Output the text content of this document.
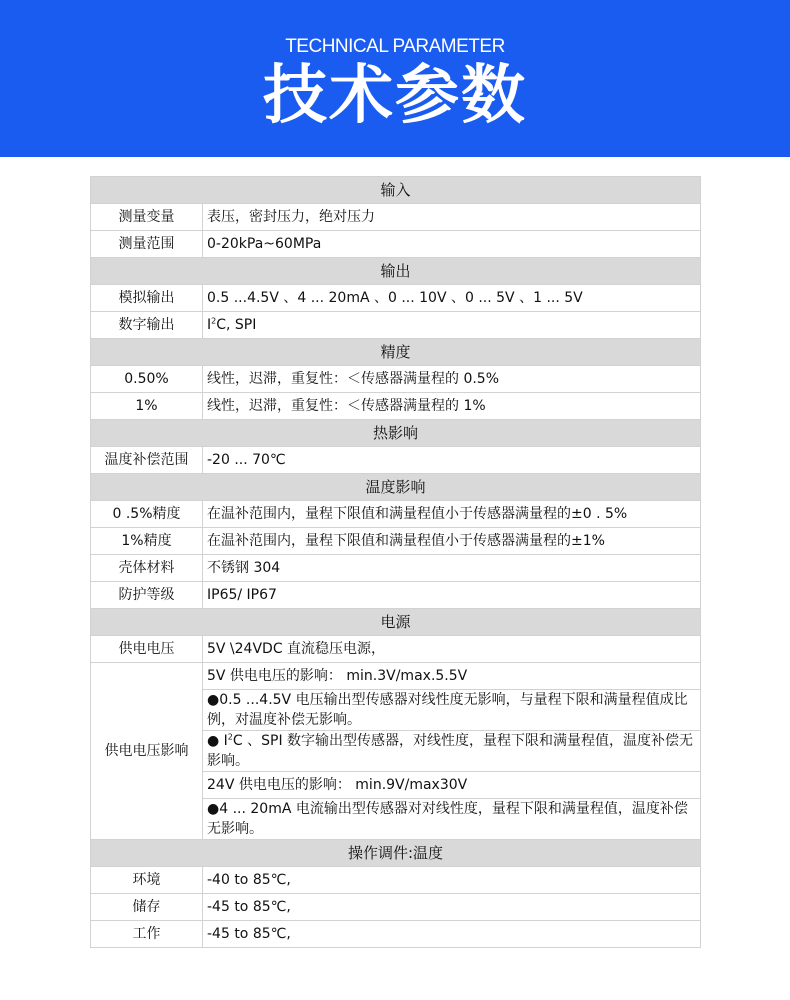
TECHNICAL PARAMETER
技术参数
输入	
测量变量	表压，密封压力，绝对压力
测量范围	0-20kPa~60MPa
输出	
模拟输出	0.5 ...4.5V 、4 ... 20mA 、0 ... 10V 、0 ... 5V 、1 ... 5V
数字输出	$I^2C$, SPI
精度	
0.50%	线性，迟滞，重复性：＜传感器满量程的 0.5%
1%	线性，迟滞，重复性：＜传感器满量程的 1%
热影响	
温度补偿范围	-20 ... 70℃
温度影响	
0 .5%精度	在温补范围内，量程下限值和满量程值小于传感器满量程的±0 . 5%
1%精度	在温补范围内，量程下限值和满量程值小于传感器满量程的±1%
壳体材料	不锈钢 304
防护等级	IP65/ IP67
电源	
供电电压	5V \24VDC 直流稳压电源，
供电电压影响	5V 供电电压的影响： min.3V/max.5.5V
	●0.5 ...4.5V 电压输出型传感器对线性度无影响，与量程下限和满量程值成比例，对温度补偿无影响。
	● $I^2C$ 、SPI 数字输出型传感器，对线性度，量程下限和满量程值，温度补偿无影响。
	24V 供电电压的影响： min.9V/max30V
	●4 ... 20mA 电流输出型传感器对对线性度，量程下限和满量程值，温度补偿无影响。
操作调件:温度	
环境	-40 to 85℃,
储存	-45 to 85℃,
工作	-45 to 85℃,
